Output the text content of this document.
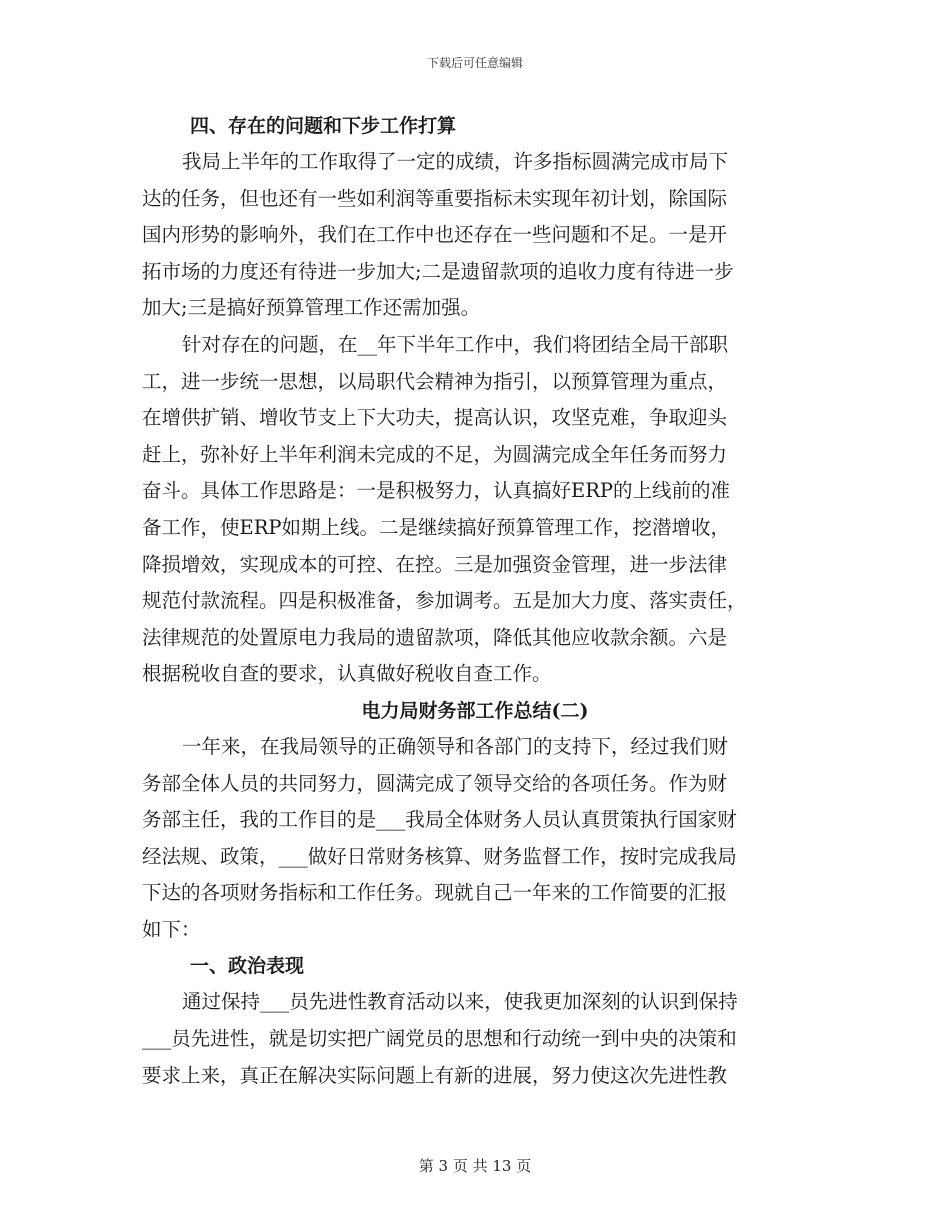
下载后可任意编辑
四、存在的问题和下步工作打算
我局上半年的工作取得了一定的成绩，许多指标圆满完成市局下
达的任务，但也还有一些如利润等重要指标未实现年初计划，除国际
国内形势的影响外，我们在工作中也还存在一些问题和不足。一是开
拓市场的力度还有待进一步加大;二是遗留款项的追收力度有待进一步
加大;三是搞好预算管理工作还需加强。
针对存在的问题，在__年下半年工作中，我们将团结全局干部职
工，进一步统一思想，以局职代会精神为指引，以预算管理为重点，
在增供扩销、增收节支上下大功夫，提高认识，攻坚克难，争取迎头
赶上，弥补好上半年利润未完成的不足，为圆满完成全年任务而努力
奋斗。具体工作思路是：一是积极努力，认真搞好ERP的上线前的准
备工作，使ERP如期上线。二是继续搞好预算管理工作，挖潜增收，
降损增效，实现成本的可控、在控。三是加强资金管理，进一步法律
规范付款流程。四是积极准备，参加调考。五是加大力度、落实责任，
法律规范的处置原电力我局的遗留款项，降低其他应收款余额。六是
根据税收自查的要求，认真做好税收自查工作。
电力局财务部工作总结(二)
一年来，在我局领导的正确领导和各部门的支持下，经过我们财
务部全体人员的共同努力，圆满完成了领导交给的各项任务。作为财
务部主任，我的工作目的是___我局全体财务人员认真贯策执行国家财
经法规、政策，___做好日常财务核算、财务监督工作，按时完成我局
下达的各项财务指标和工作任务。现就自己一年来的工作简要的汇报
如下：
一、政治表现
通过保持___员先进性教育活动以来，使我更加深刻的认识到保持
___员先进性，就是切实把广阔党员的思想和行动统一到中央的决策和
要求上来，真正在解决实际问题上有新的进展，努力使这次先进性教
第 3 页 共 13 页
